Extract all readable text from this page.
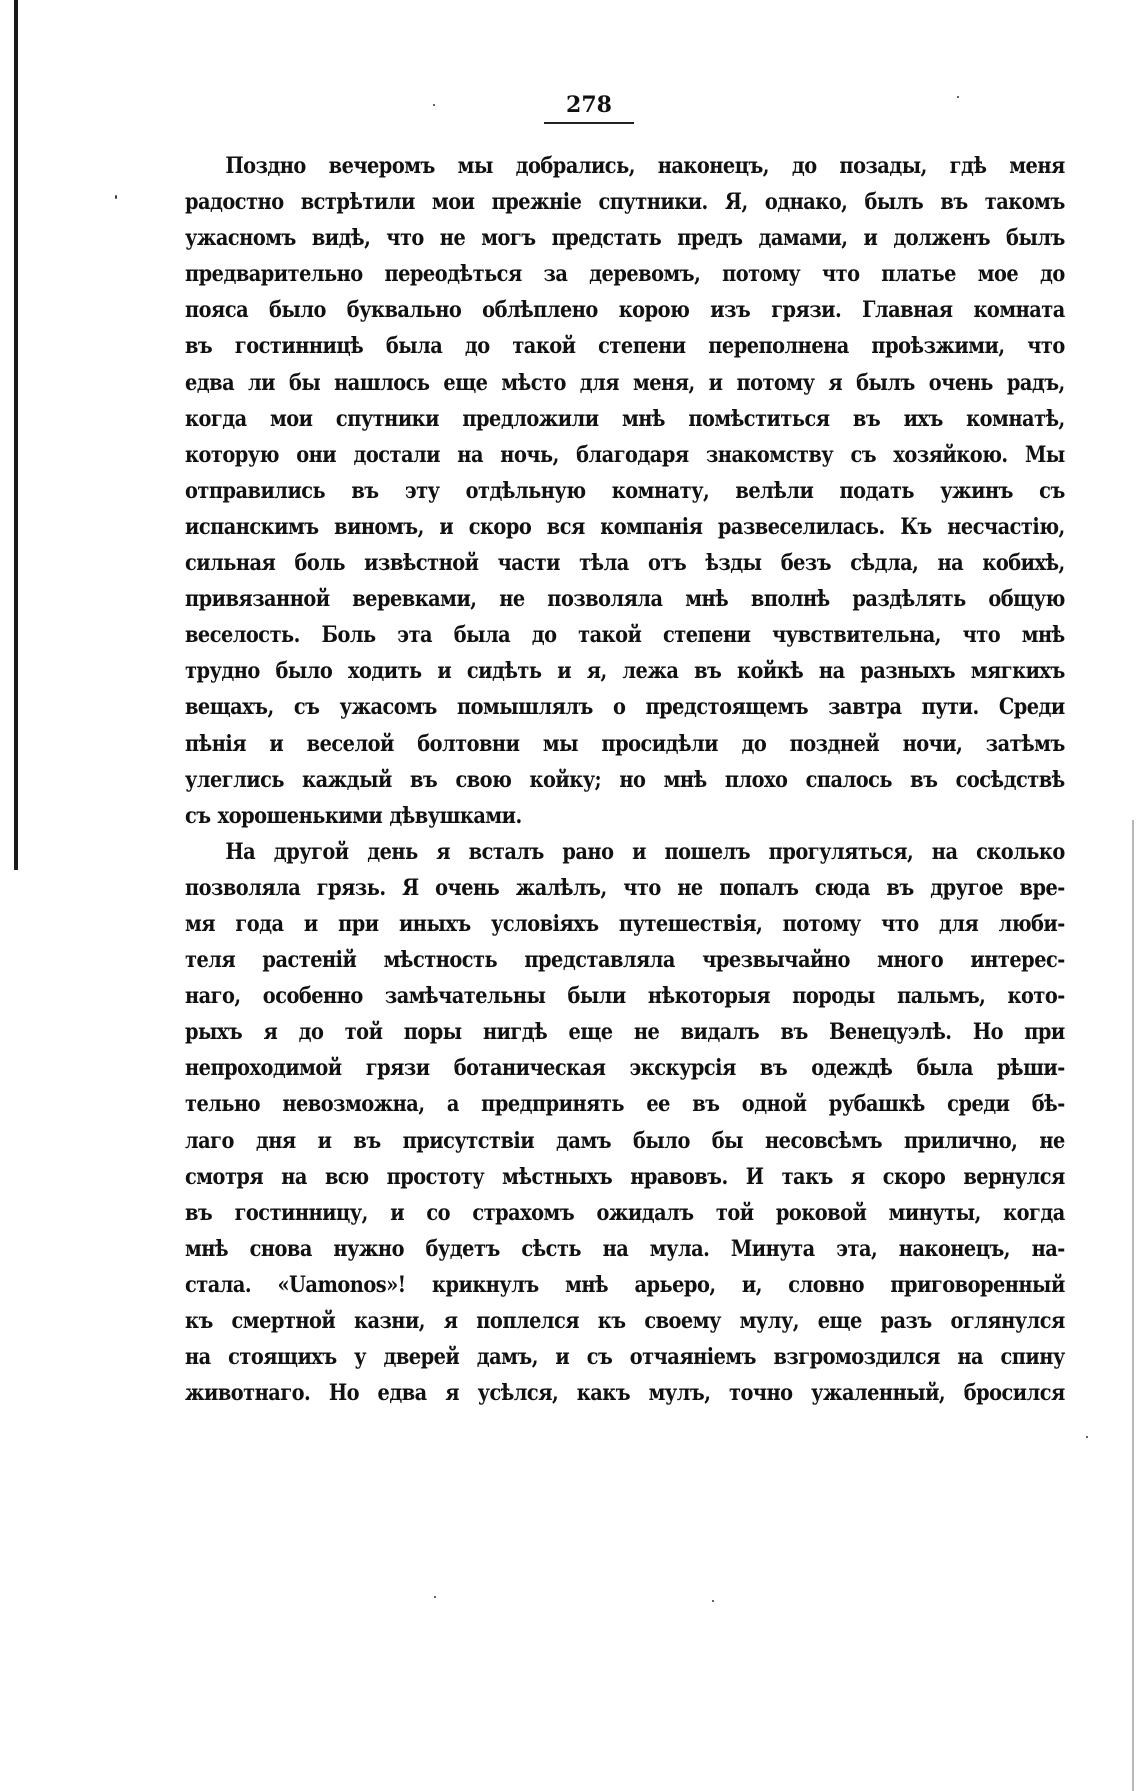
278
Поздно вечеромъ мы добрались, наконецъ, до позады, гдѣ меня
радостно встрѣтили мои прежніе спутники. Я, однако, былъ въ такомъ
ужасномъ видѣ, что не могъ предстать предъ дамами, и долженъ былъ
предварительно переодѣться за деревомъ, потому что платье мое до
пояса было буквально облѣплено корою изъ грязи. Главная комната
въ гостинницѣ была до такой степени переполнена проѣзжими, что
едва ли бы нашлось еще мѣсто для меня, и потому я былъ очень радъ,
когда мои спутники предложили мнѣ помѣститься въ ихъ комнатѣ,
которую они достали на ночь, благодаря знакомству съ хозяйкою. Мы
отправились въ эту отдѣльную комнату, велѣли подать ужинъ съ
испанскимъ виномъ, и скоро вся компанія развеселилась. Къ несчастію,
сильная боль извѣстной части тѣла отъ ѣзды безъ сѣдла, на кобихѣ,
привязанной веревками, не позволяла мнѣ вполнѣ раздѣлять общую
веселость. Боль эта была до такой степени чувствительна, что мнѣ
трудно было ходить и сидѣть и я, лежа въ койкѣ на разныхъ мягкихъ
вещахъ, съ ужасомъ помышлялъ о предстоящемъ завтра пути. Среди
пѣнія и веселой болтовни мы просидѣли до поздней ночи, затѣмъ
улеглись каждый въ свою койку; но мнѣ плохо спалось въ сосѣдствѣ
съ хорошенькими дѣвушками.
На другой день я всталъ рано и пошелъ прогуляться, на сколько
позволяла грязь. Я очень жалѣлъ, что не попалъ сюда въ другое вре-
мя года и при иныхъ условіяхъ путешествія, потому что для люби-
теля растеній мѣстность представляла чрезвычайно много интерес-
наго, особенно замѣчательны были нѣкоторыя породы пальмъ, кото-
рыхъ я до той поры нигдѣ еще не видалъ въ Венецуэлѣ. Но при
непроходимой грязи ботаническая экскурсія въ одеждѣ была рѣши-
тельно невозможна, а предпринять ее въ одной рубашкѣ среди бѣ-
лаго дня и въ присутствіи дамъ было бы несовсѣмъ прилично, не
смотря на всю простоту мѣстныхъ нравовъ. И такъ я скоро вернулся
въ гостинницу, и со страхомъ ожидалъ той роковой минуты, когда
мнѣ снова нужно будетъ сѣсть на мула. Минута эта, наконецъ, на-
стала. «Uamonos»! крикнулъ мнѣ арьеро, и, словно приговоренный
къ смертной казни, я поплелся къ своему мулу, еще разъ оглянулся
на стоящихъ у дверей дамъ, и съ отчаяніемъ взгромоздился на спину
животнаго. Но едва я усѣлся, какъ мулъ, точно ужаленный, бросился
